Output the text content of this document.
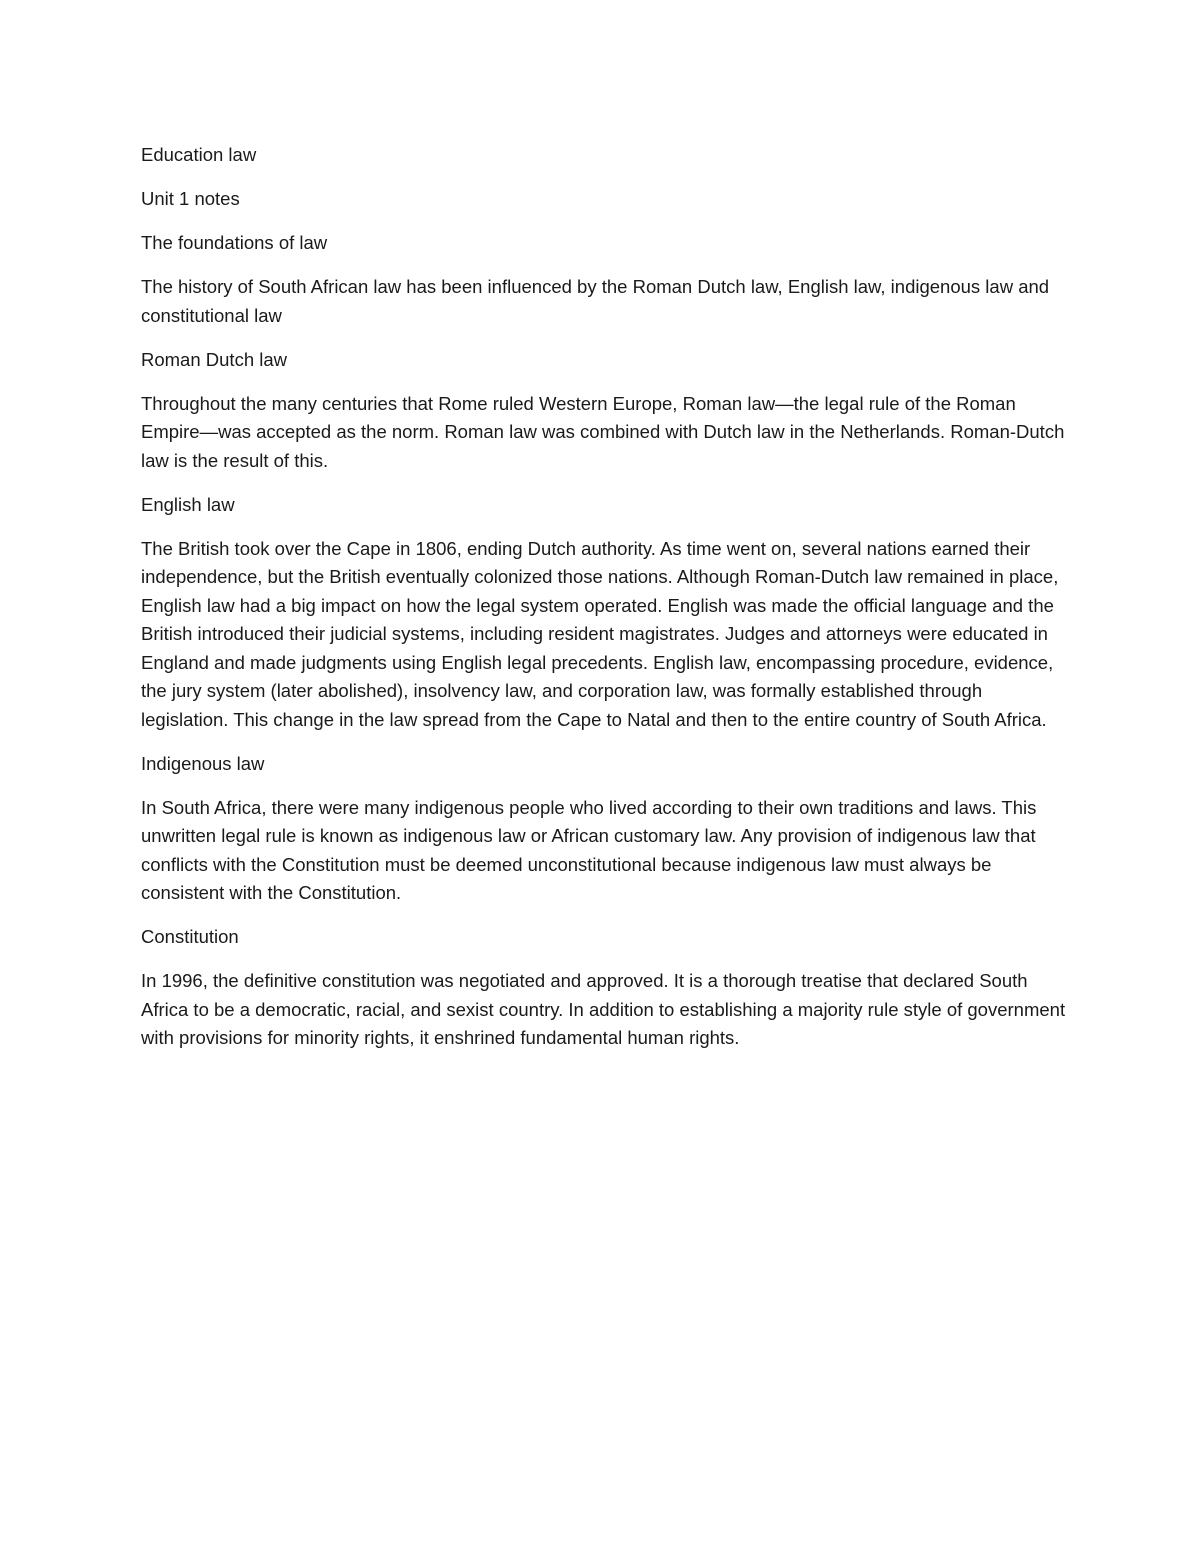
Education law

Unit 1 notes

The foundations of law

The history of South African law has been influenced by the Roman Dutch law, English law, indigenous law and constitutional law

Roman Dutch law

Throughout the many centuries that Rome ruled Western Europe, Roman law—the legal rule of the Roman Empire—was accepted as the norm. Roman law was combined with Dutch law in the Netherlands. Roman-Dutch law is the result of this.

English law

The British took over the Cape in 1806, ending Dutch authority. As time went on, several nations earned their independence, but the British eventually colonized those nations. Although Roman-Dutch law remained in place, English law had a big impact on how the legal system operated. English was made the official language and the British introduced their judicial systems, including resident magistrates. Judges and attorneys were educated in England and made judgments using English legal precedents. English law, encompassing procedure, evidence, the jury system (later abolished), insolvency law, and corporation law, was formally established through legislation. This change in the law spread from the Cape to Natal and then to the entire country of South Africa.

Indigenous law

In South Africa, there were many indigenous people who lived according to their own traditions and laws. This unwritten legal rule is known as indigenous law or African customary law. Any provision of indigenous law that conflicts with the Constitution must be deemed unconstitutional because indigenous law must always be consistent with the Constitution.

Constitution

In 1996, the definitive constitution was negotiated and approved. It is a thorough treatise that declared South Africa to be a democratic, racial, and sexist country. In addition to establishing a majority rule style of government with provisions for minority rights, it enshrined fundamental human rights.
